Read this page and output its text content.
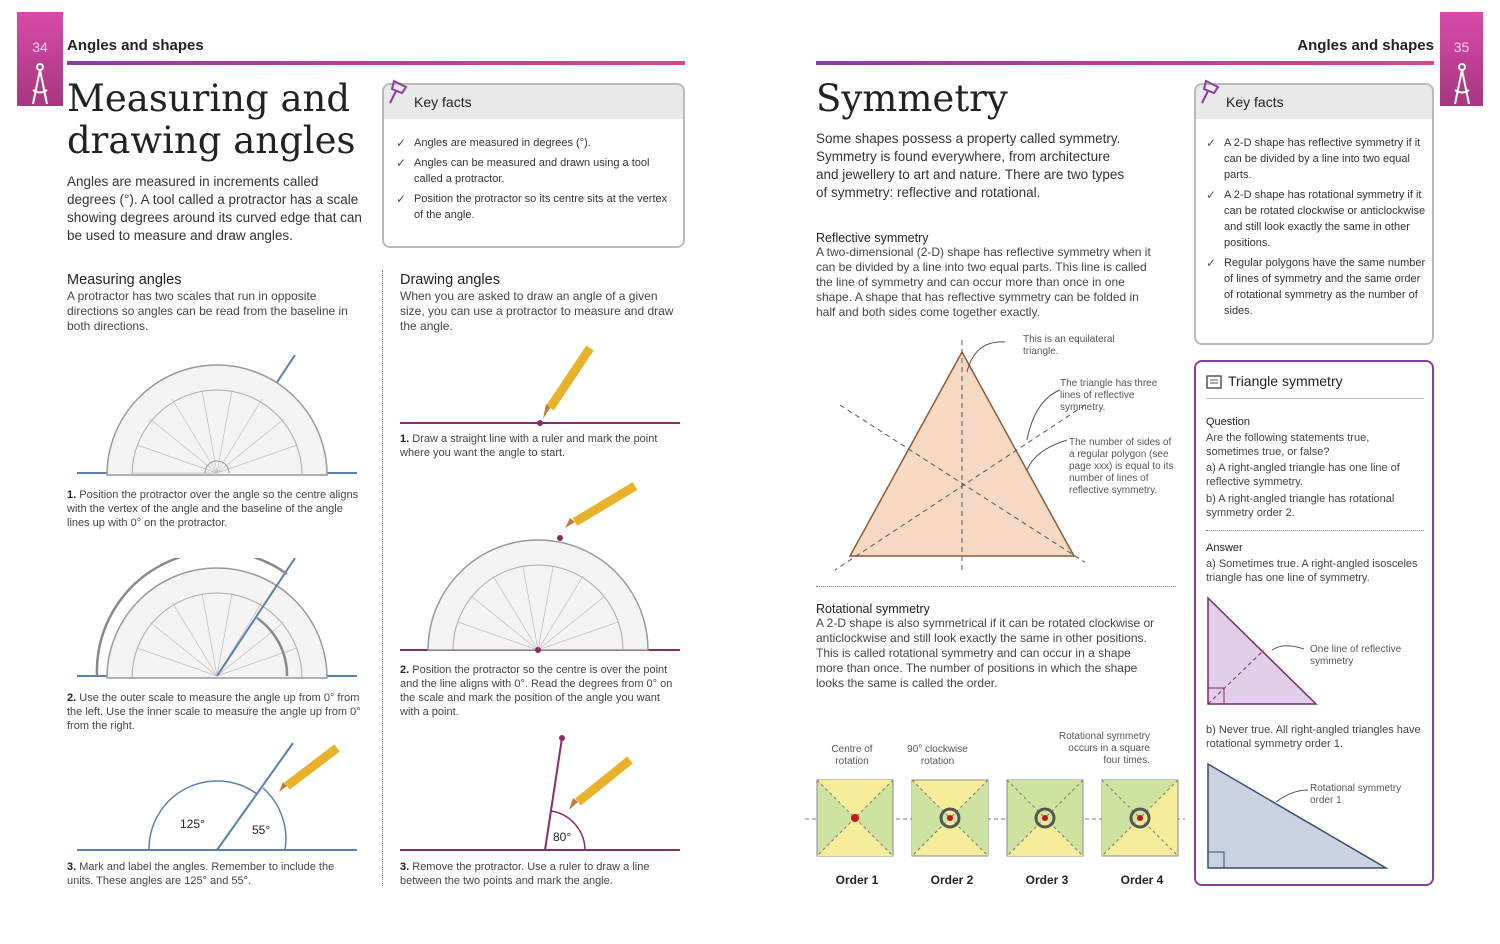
34	Angles and shapes
Measuring and
drawing angles
Angles are measured in increments called degrees (°). A tool called a protractor has a scale showing degrees around its curved edge that can be used to measure and draw angles.
Key facts
✓ Angles are measured in degrees (°).
✓ Angles can be measured and drawn using a tool called a protractor.
✓ Position the protractor so its centre sits at the vertex of the angle.
Measuring angles
A protractor has two scales that run in opposite directions so angles can be read from the baseline in both directions.
1. Position the protractor over the angle so the centre aligns with the vertex of the angle and the baseline of the angle lines up with 0° on the protractor.
2. Use the outer scale to measure the angle up from 0° from the left. Use the inner scale to measure the angle up from 0° from the right.
125°	55°
3. Mark and label the angles. Remember to include the units. These angles are 125° and 55°.
Drawing angles
When you are asked to draw an angle of a given size, you can use a protractor to measure and draw the angle.
1. Draw a straight line with a ruler and mark the point where you want the angle to start.
2. Position the protractor so the centre is over the point and the line aligns with 0°. Read the degrees from 0° on the scale and mark the position of the angle you want with a point.
80°
3. Remove the protractor. Use a ruler to draw a line between the two points and mark the angle.
35
Angles and shapes
Symmetry
Some shapes possess a property called symmetry. Symmetry is found everywhere, from architecture and jewellery to art and nature. There are two types of symmetry: reflective and rotational.
Reflective symmetry
A two-dimensional (2-D) shape has reflective symmetry when it can be divided by a line into two equal parts. This line is called the line of symmetry and can occur more than once in one shape. A shape that has reflective symmetry can be folded in half and both sides come together exactly.
This is an equilateral triangle.
The triangle has three lines of reflective symmetry.
The number of sides of a regular polygon (see page xxx) is equal to its number of lines of reflective symmetry.
Rotational symmetry
A 2-D shape is also symmetrical if it can be rotated clockwise or anticlockwise and still look exactly the same in other positions. This is called rotational symmetry and can occur in a shape more than once. The number of positions in which the shape looks the same is called the order.
Centre of rotation
90° clockwise rotation
Rotational symmetry occurs in a square four times.
Order 1	Order 2	Order 3	Order 4
Key facts
✓ A 2-D shape has reflective symmetry if it can be divided by a line into two equal parts.
✓ A 2-D shape has rotational symmetry if it can be rotated clockwise or anticlockwise and still look exactly the same in other positions.
✓ Regular polygons have the same number of lines of symmetry and the same order of rotational symmetry as the number of sides.
Triangle symmetry
Question
Are the following statements true, sometimes true, or false?
a) A right-angled triangle has one line of reflective symmetry.
b) A right-angled triangle has rotational symmetry order 2.
Answer
a) Sometimes true. A right-angled isosceles triangle has one line of symmetry.
One line of reflective symmetry
b) Never true. All right-angled triangles have rotational symmetry order 1.
Rotational symmetry order 1
